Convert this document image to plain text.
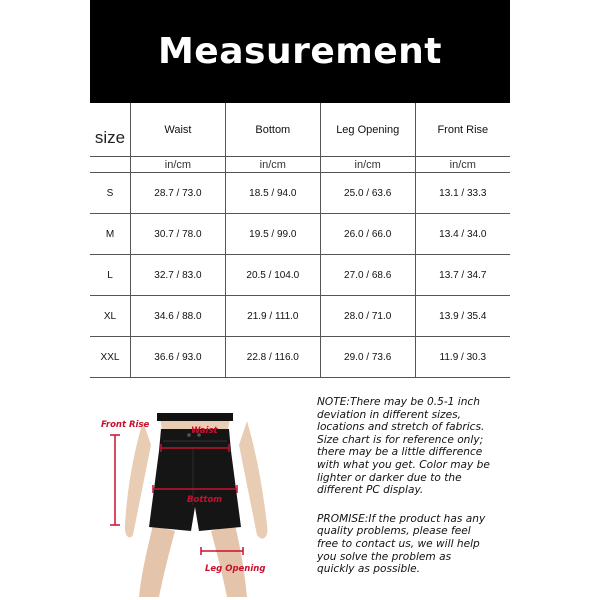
Measurement
size	Waist	Bottom	Leg Opening	Front Rise
	in/cm	in/cm	in/cm	in/cm
S	28.7 / 73.0	18.5 / 94.0	25.0 / 63.6	13.1 / 33.3
M	30.7 / 78.0	19.5 / 99.0	26.0 / 66.0	13.4 / 34.0
L	32.7 / 83.0	20.5 / 104.0	27.0 / 68.6	13.7 / 34.7
XL	34.6 / 88.0	21.9 / 111.0	28.0 / 71.0	13.9 / 35.4
XXL	36.6 / 93.0	22.8 / 116.0	29.0 / 73.6	11.9 / 30.3
Front Rise
Waist
Bottom
Leg Opening

NOTE:There may be 0.5-1 inch deviation in different sizes, locations and stretch of fabrics. Size chart is for reference only; there may be a little difference with what you get. Color may be lighter or darker due to the different PC display.

PROMISE:If the product has any quality problems, please feel free to contact us, we will help you solve the problem as quickly as possible.
